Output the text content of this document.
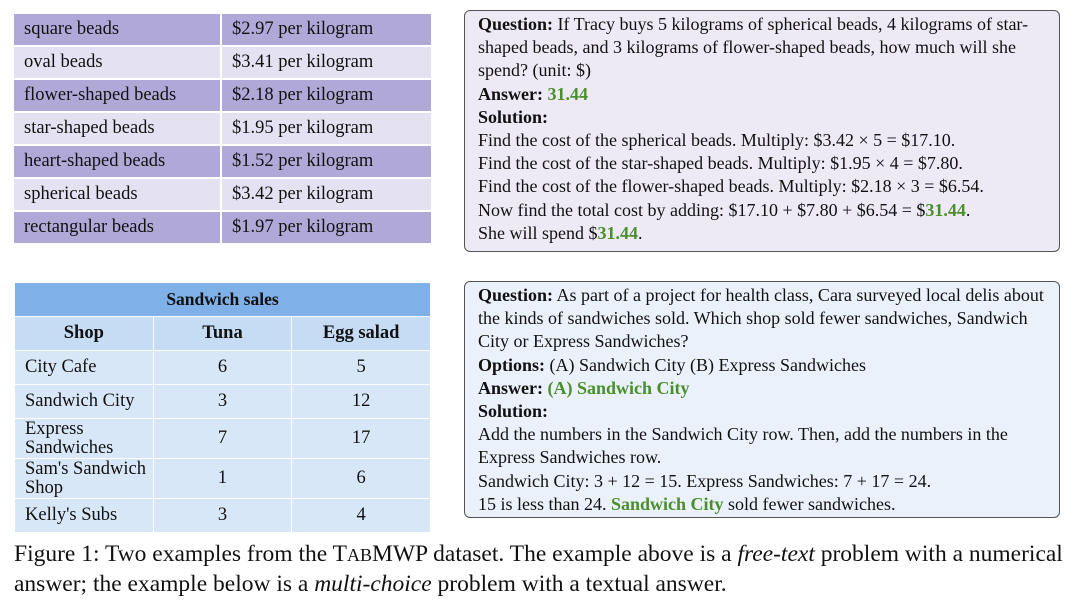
square beads	$2.97 per kilogram
oval beads	$3.41 per kilogram
flower-shaped beads	$2.18 per kilogram
star-shaped beads	$1.95 per kilogram
heart-shaped beads	$1.52 per kilogram
spherical beads	$3.42 per kilogram
rectangular beads	$1.97 per kilogram

Question: If Tracy buys 5 kilograms of spherical beads, 4 kilograms of star-shaped beads, and 3 kilograms of flower-shaped beads, how much will she spend? (unit: $)

Answer: 31.44

Solution:

Find the cost of the spherical beads. Multiply: $3.42 × 5 = $17.10.

Find the cost of the star-shaped beads. Multiply: $1.95 × 4 = $7.80.

Find the cost of the flower-shaped beads. Multiply: $2.18 × 3 = $6.54.

Now find the total cost by adding: $17.10 + $7.80 + $6.54 = $31.44.

She will spend $31.44.

Sandwich sales		
Shop	Tuna	Egg salad
City Cafe	6	5
Sandwich City	3	12
Express Sandwiches	7	17
Sam's Sandwich Shop	1	6
Kelly's Subs	3	4

Question: As part of a project for health class, Cara surveyed local delis about the kinds of sandwiches sold. Which shop sold fewer sandwiches, Sandwich City or Express Sandwiches?

Options: (A) Sandwich City (B) Express Sandwiches

Answer: (A) Sandwich City

Solution:

Add the numbers in the Sandwich City row. Then, add the numbers in the Express Sandwiches row.

Sandwich City: 3 + 12 = 15. Express Sandwiches: 7 + 17 = 24.

15 is less than 24. Sandwich City sold fewer sandwiches.

Figure 1: Two examples from the TABMWP dataset. The example above is a free-text problem with a numerical answer; the example below is a multi-choice problem with a textual answer.
